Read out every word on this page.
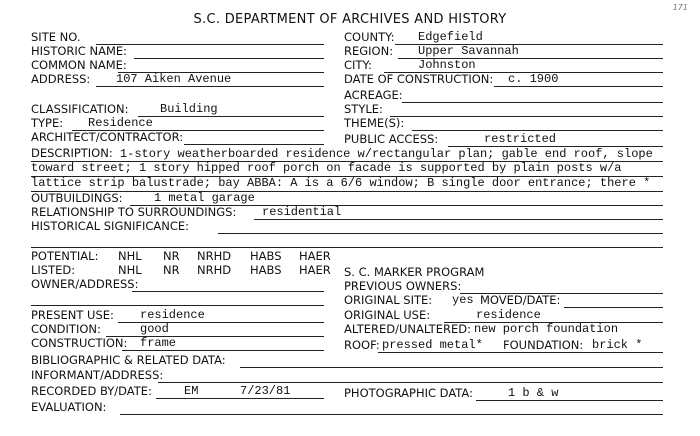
171
S.C. DEPARTMENT OF ARCHIVES AND HISTORY
SITE NO.
HISTORIC NAME:
COMMON NAME:
ADDRESS: 107 Aiken Avenue
CLASSIFICATION:	Building
TYPE: Residence
ARCHITECT/CONTRACTOR:
COUNTY: Edgefield
REGION: Upper Savannah
CITY:	Johnston
DATE OF CONSTRUCTION: c. 1900
ACREAGE:
STYLE:
THEME(S):
PUBLIC ACCESS:	restricted
DESCRIPTION: 1-story weatherboarded residence w/rectangular plan; gable end roof, slope
toward street; 1 story hipped roof porch on facade is supported by plain posts w/a
lattice strip balustrade; bay ABBA: A is a 6/6 window; B single door entrance; there *
OUTBUILDINGS:	1 metal garage
RELATIONSHIP TO SURROUNDINGS: residential
HISTORICAL SIGNIFICANCE:
POTENTIAL: NHL NR NRHD HABS HAER
LISTED:	NHL NR NRHD HABS HAER S. C. MARKER PROGRAM
OWNER/ADDRESS:	PREVIOUS OWNERS:
ORIGINAL SITE: yes MOVED/DATE:
PRESENT USE: residence	ORIGINAL USE:	residence
CONDITION:	good	ALTERED/UNALTERED: new porch foundation
CONSTRUCTION: frame	ROOF: pressed metal* FOUNDATION: brick *
BIBLIOGRAPHIC & RELATED DATA:
INFORMANT/ADDRESS:
RECORDED BY/DATE:	EM	7/23/81	PHOTOGRAPHIC DATA:	1 b & w
EVALUATION:
